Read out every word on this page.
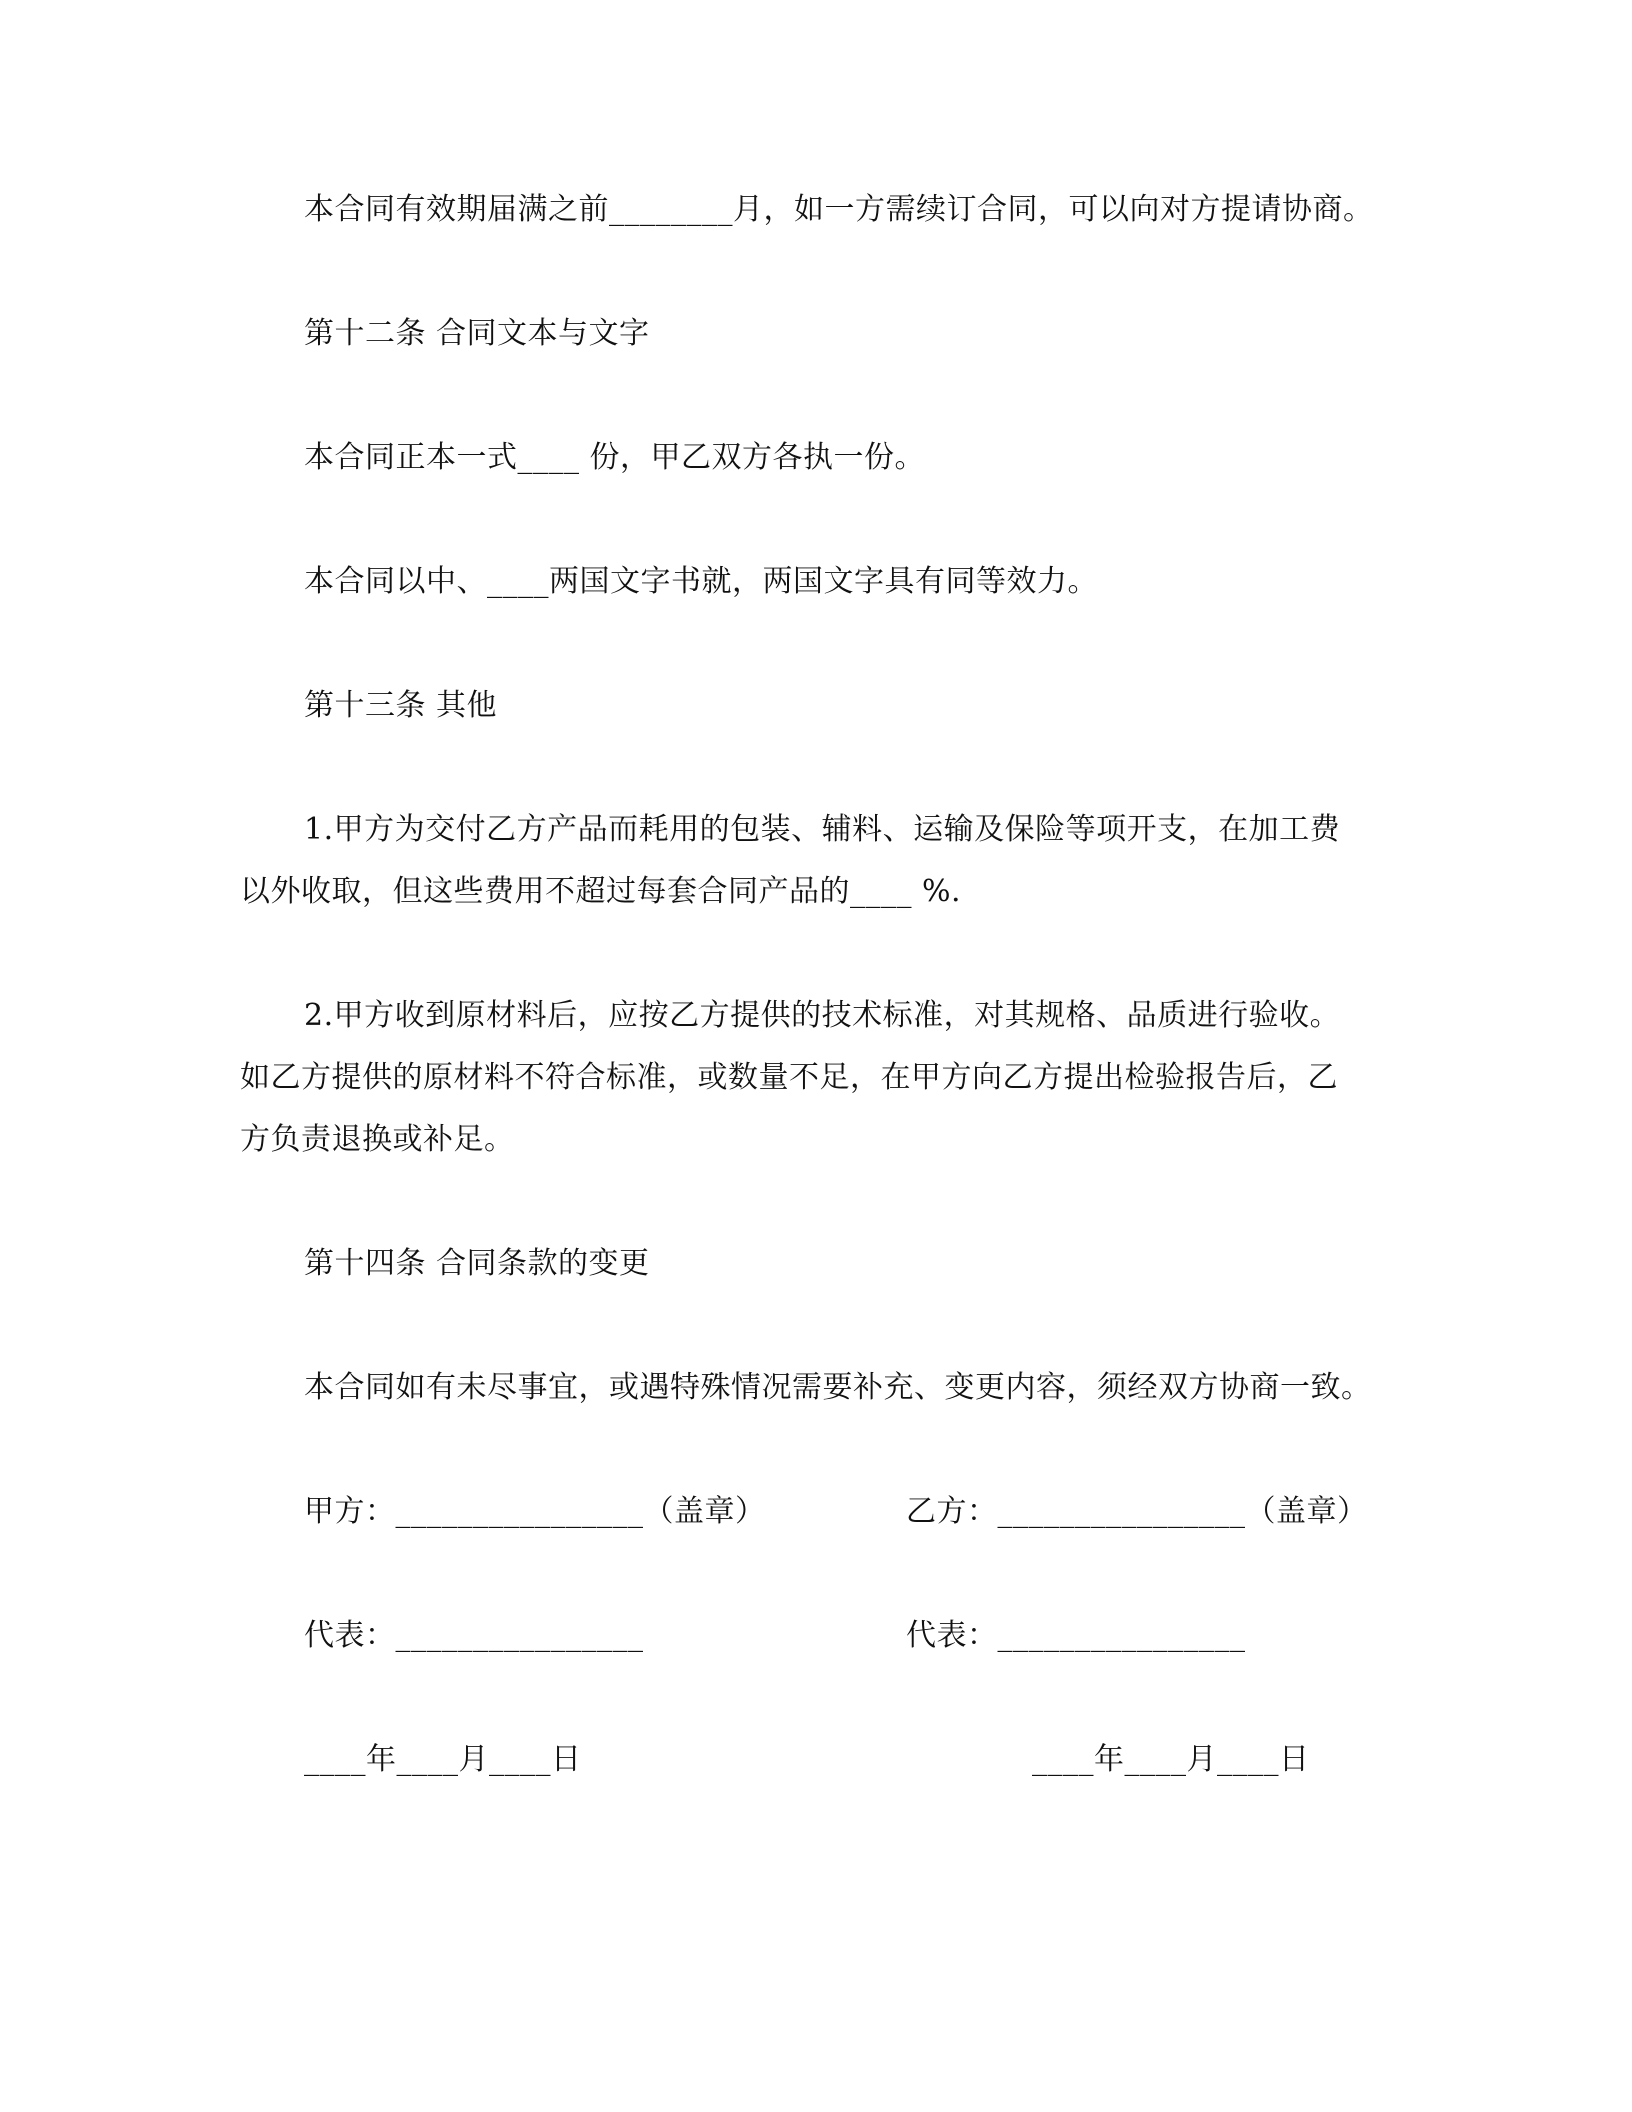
本合同有效期届满之前________月，如一方需续订合同，可以向对方提请协商。
第十二条 合同文本与文字
本合同正本一式____ 份，甲乙双方各执一份。
本合同以中、____两国文字书就，两国文字具有同等效力。
第十三条 其他
1.甲方为交付乙方产品而耗用的包装、辅料、运输及保险等项开支，在加工费
以外收取，但这些费用不超过每套合同产品的____ %.
2.甲方收到原材料后，应按乙方提供的技术标准，对其规格、品质进行验收。
如乙方提供的原材料不符合标准，或数量不足，在甲方向乙方提出检验报告后，乙
方负责退换或补足。
第十四条 合同条款的变更
本合同如有未尽事宜，或遇特殊情况需要补充、变更内容，须经双方协商一致。
甲方：________________（盖章）	乙方：________________（盖章）
代表：________________	代表：________________
____年____月____日	____年____月____日
